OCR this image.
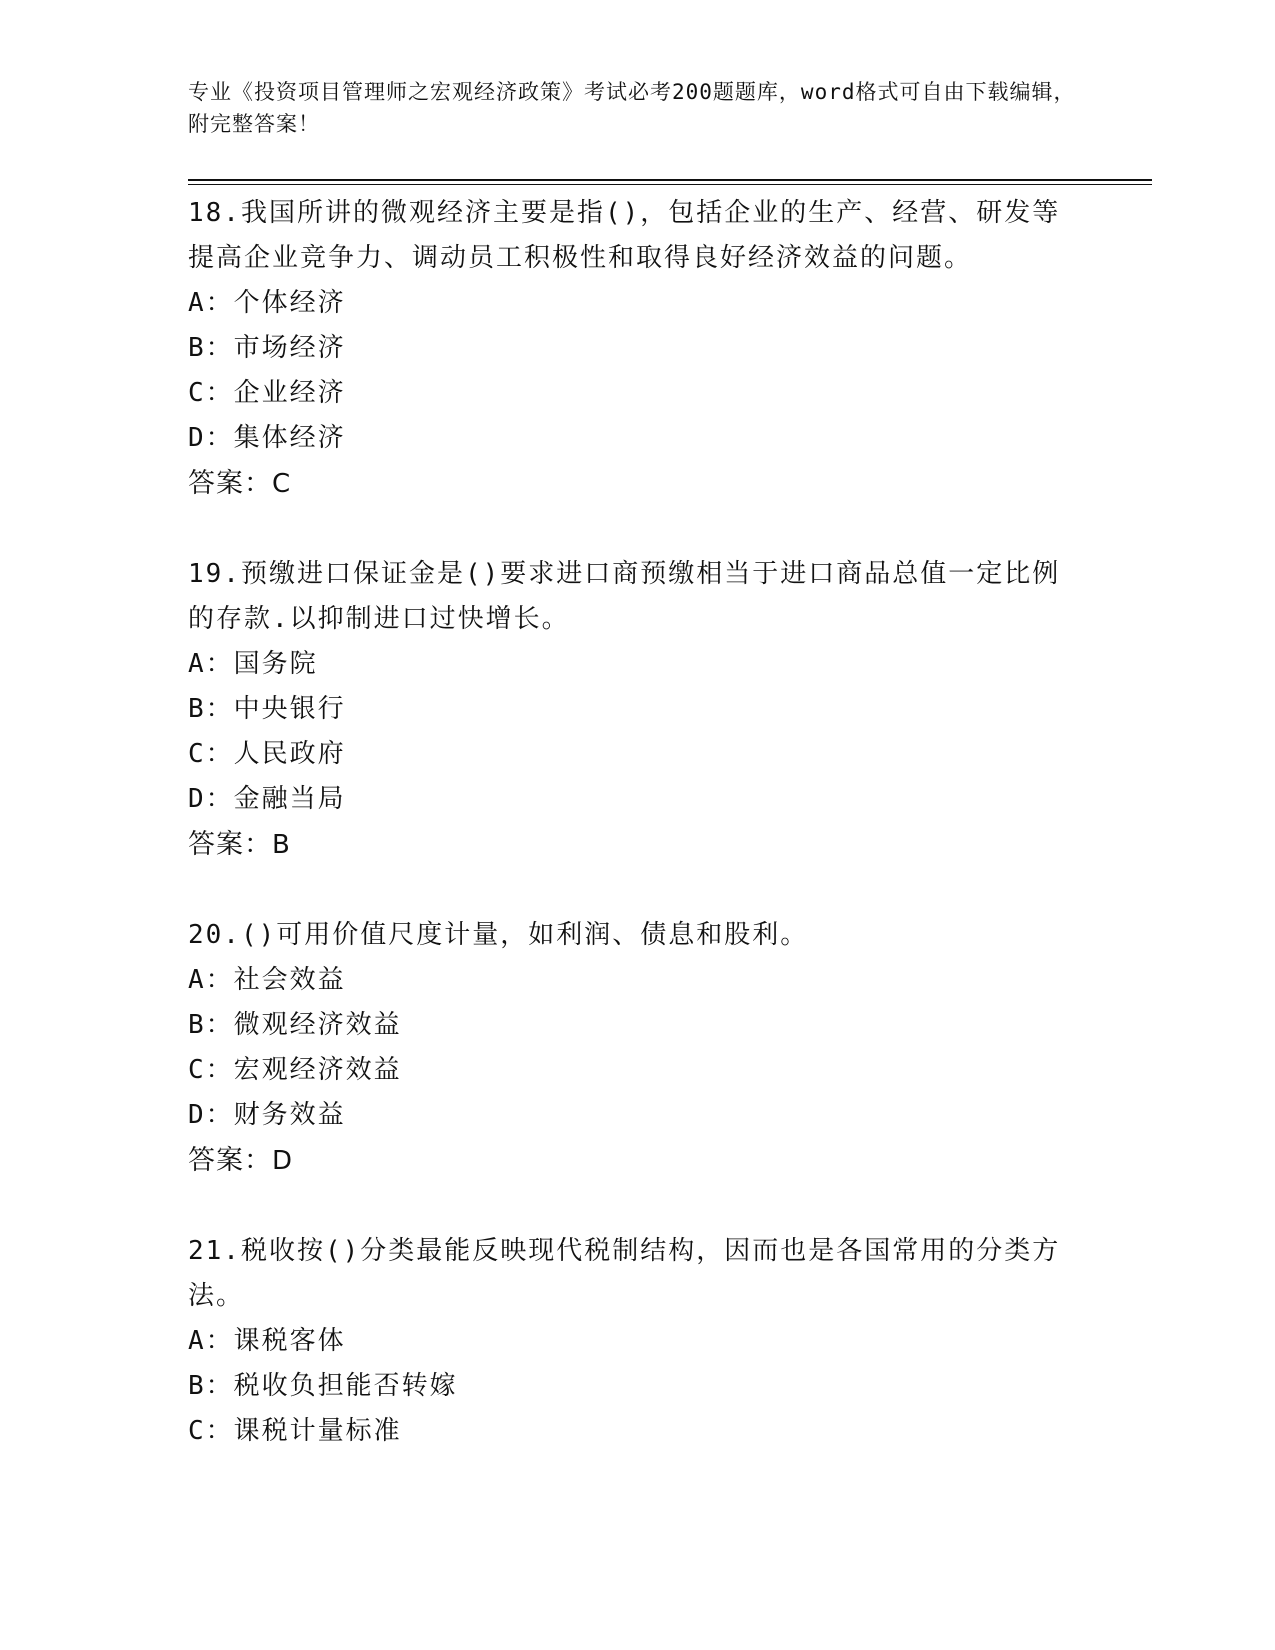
专业《投资项目管理师之宏观经济政策》考试必考200题题库，word格式可自由下载编辑，附完整答案！

18.我国所讲的微观经济主要是指()，包括企业的生产、经营、研发等提高企业竞争力、调动员工积极性和取得良好经济效益的问题。

A：个体经济

B：市场经济

C：企业经济

D：集体经济

答案：C

19.预缴进口保证金是()要求进口商预缴相当于进口商品总值一定比例的存款.以抑制进口过快增长。

A：国务院

B：中央银行

C：人民政府

D：金融当局

答案：B

20.()可用价值尺度计量，如利润、债息和股利。

A：社会效益

B：微观经济效益

C：宏观经济效益

D：财务效益

答案：D

21.税收按()分类最能反映现代税制结构，因而也是各国常用的分类方法。

A：课税客体

B：税收负担能否转嫁

C：课税计量标准
